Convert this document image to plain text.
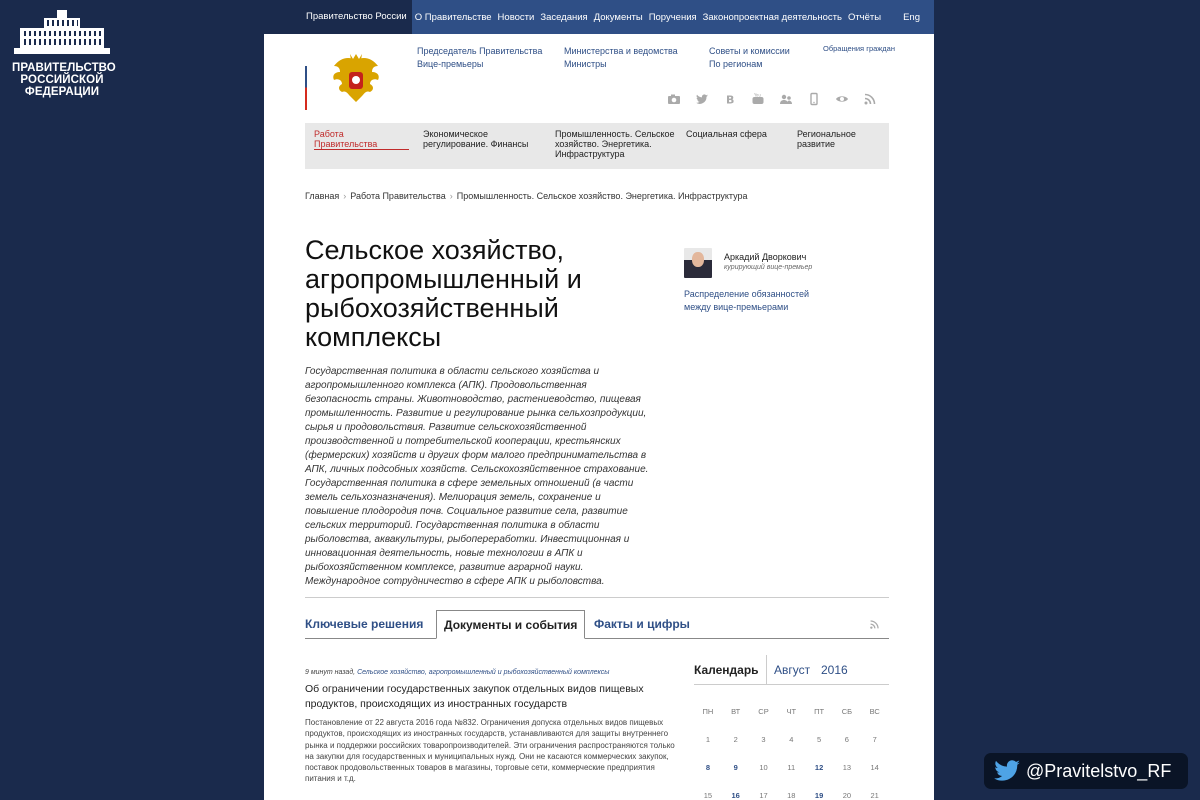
ПРАВИТЕЛЬСТВО
РОССИЙСКОЙ
ФЕДЕРАЦИИ
Правительство России О Правительстве Новости Заседания Документы Поручения Законопроектная деятельность Отчёты	Eng
Председатель Правительства
Вице-премьеры
Министерства и ведомства
Министры
Советы и комиссии
По регионам
Обращения граждан
B	You
Работа Правительства
Экономическое регулирование. Финансы
Промышленность. Сельское хозяйство. Энергетика. Инфраструктура
Социальная сфера	Региональное развитие
Главная › Работа Правительства › Промышленность. Сельское хозяйство. Энергетика. Инфраструктура
Сельское хозяйство, агропромышленный и рыбохозяйственный комплексы
Аркадий Дворкович
курирующий вице-премьер
Распределение обязанностей
между вице-премьерами

Государственная политика в области сельского хозяйства и агропромышленного комплекса (АПК). Продовольственная безопасность страны. Животноводство, растениеводство, пищевая промышленность. Развитие и регулирование рынка сельхозпродукции, сырья и продовольствия. Развитие сельскохозяйственной производственной и потребительской кооперации, крестьянских (фермерских) хозяйств и других форм малого предпринимательства в АПК, личных подсобных хозяйств. Сельскохозяйственное страхование. Государственная политика в сфере земельных отношений (в части земель сельхозназначения). Мелиорация земель, сохранение и повышение плодородия почв. Социальное развитие села, развитие сельских территорий. Государственная политика в области рыболовства, аквакультуры, рыбопереработки. Инвестиционная и инновационная деятельность, новые технологии в АПК и рыбохозяйственном комплексе, развитие аграрной науки. Международное сотрудничество в сфере АПК и рыболовства.

Ключевые решения	Документы и события	Факты и цифры
9 минут назад, Сельское хозяйство, агропромышленный и рыбохозяйственный комплексы
Об ограничении государственных закупок отдельных видов пищевых продуктов, происходящих из иностранных государств
Постановление от 22 августа 2016 года №832. Ограничения допуска отдельных видов пищевых продуктов, происходящих из иностранных государств, устанавливаются для защиты внутреннего рынка и поддержки российских товаропроизводителей. Эти ограничения распространяются только на закупки для государственных и муниципальных нужд. Они не касаются коммерческих закупок, поставок продовольственных товаров в магазины, торговые сети, коммерческие предприятия питания и т.д.
Календарь Август 2016
ПН	ВТ	СР	ЧТ	ПТ	СБ	ВС
1	2	3	4	5	6	7
8	9	10	11	12	13	14
15	16	17	18	19	20	21
@Pravitelstvo_RF
